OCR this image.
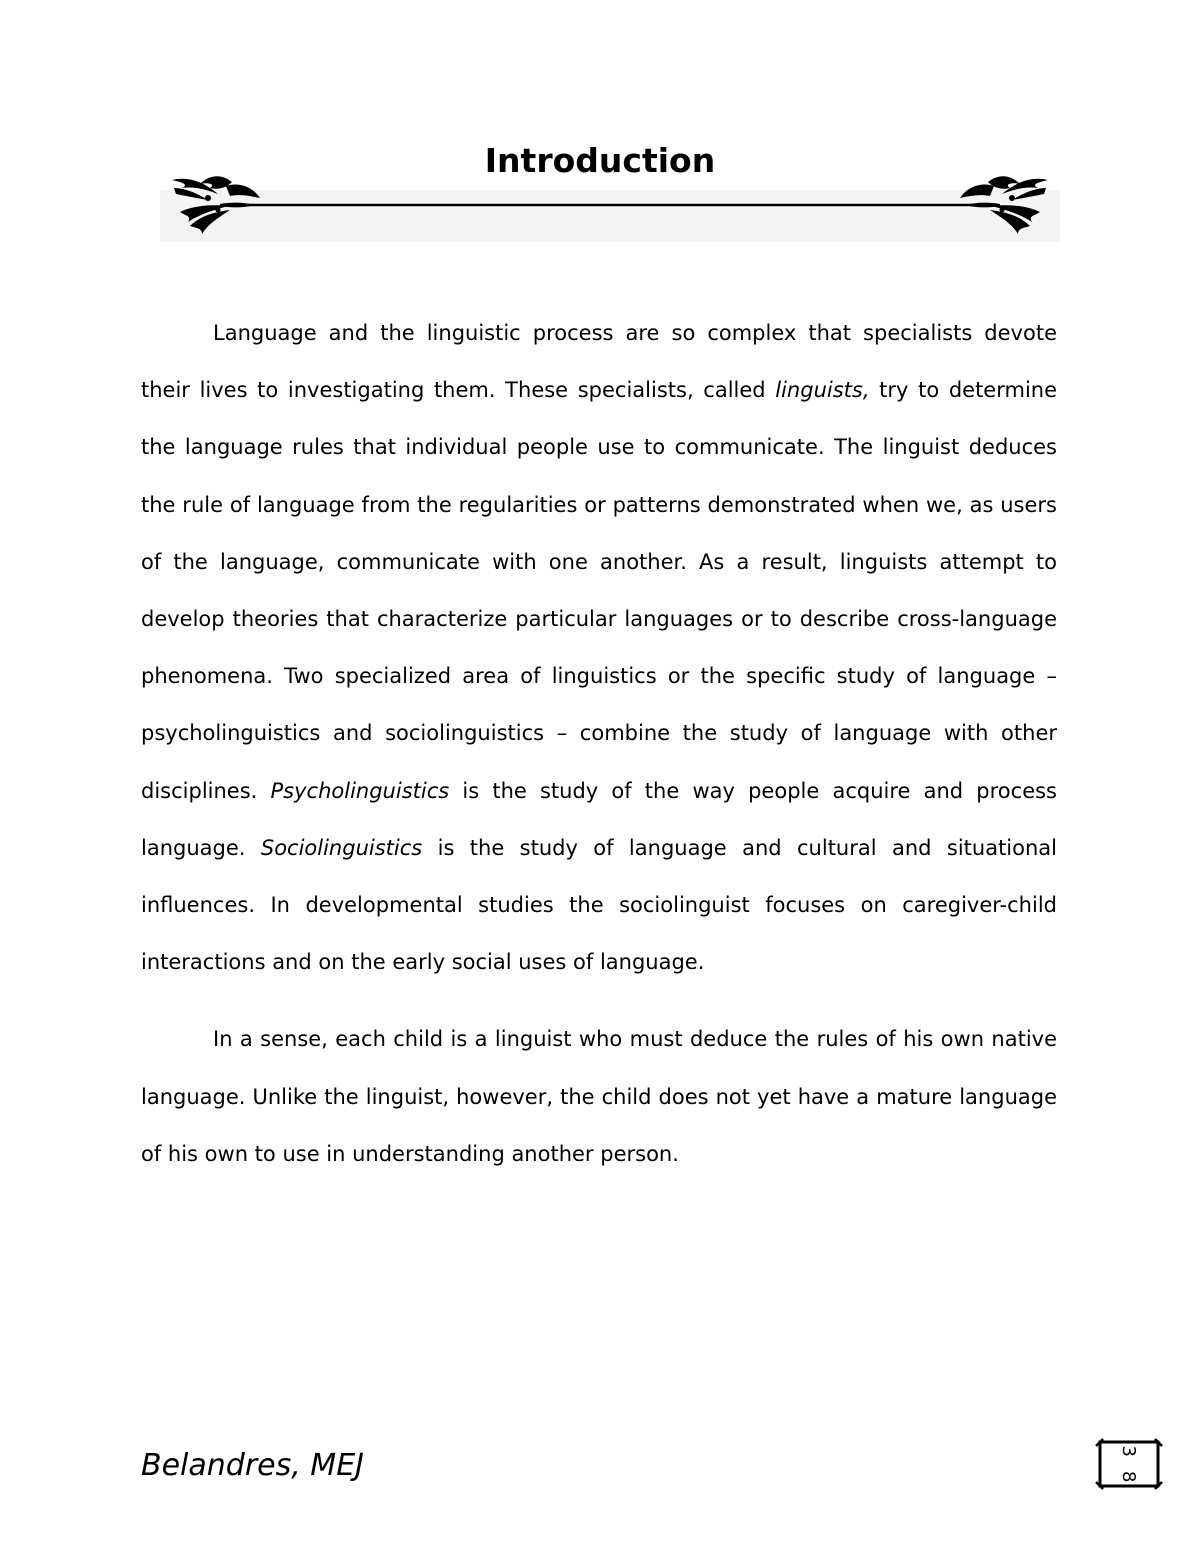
Introduction

Language and the linguistic process are so complex that specialists devote their lives to investigating them. These specialists, called linguists, try to determine the language rules that individual people use to communicate. The linguist deduces the rule of language from the regularities or patterns demonstrated when we, as users of the language, communicate with one another. As a result, linguists attempt to develop theories that characterize particular languages or to describe cross-language phenomena. Two specialized area of linguistics or the specific study of language – psycholinguistics and sociolinguistics – combine the study of language with other disciplines. Psycholinguistics is the study of the way people acquire and process language. Sociolinguistics is the study of language and cultural and situational influences. In developmental studies the sociolinguist focuses on caregiver-child interactions and on the early social uses of language.

In a sense, each child is a linguist who must deduce the rules of his own native language. Unlike the linguist, however, the child does not yet have a mature language of his own to use in understanding another person.

Belandres, MEJ	38
